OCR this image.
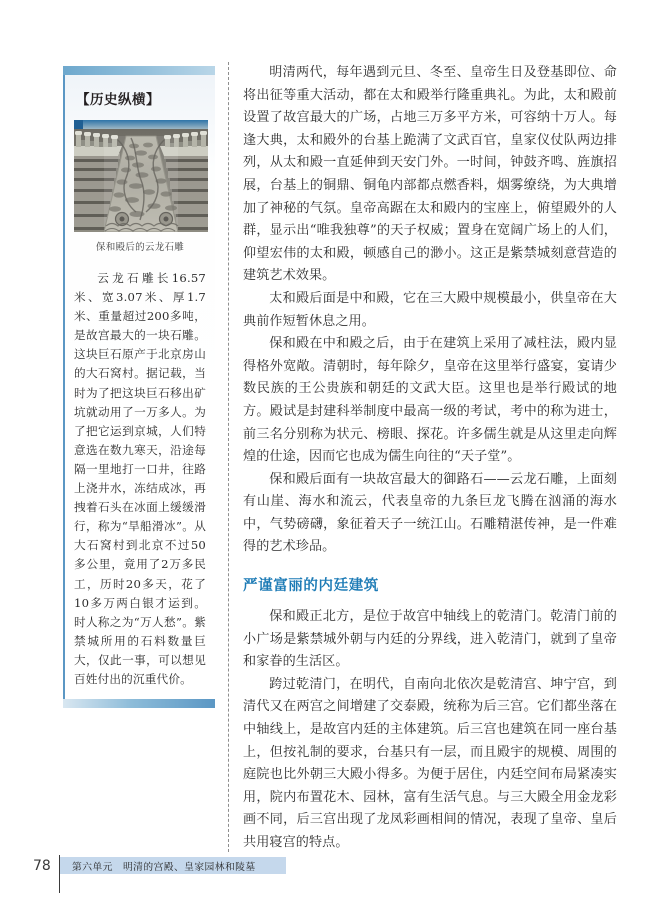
【历史纵横】
保和殿后的云龙石雕
云龙石雕长16.57米、宽3.07米、厚1.7米、重量超过200多吨，是故宫最大的一块石雕。这块巨石原产于北京房山的大石窝村。据记载，当时为了把这块巨石移出矿坑就动用了一万多人。为了把它运到京城，人们特意选在数九寒天，沿途每隔一里地打一口井，往路上浇井水，冻结成冰，再拽着石头在冰面上缓缓滑行，称为“旱船滑冰”。从大石窝村到北京不过50多公里，竟用了2万多民工，历时20多天，花了10多万两白银才运到。时人称之为“万人愁”。紫禁城所用的石料数量巨大，仅此一事，可以想见百姓付出的沉重代价。

明清两代，每年遇到元旦、冬至、皇帝生日及登基即位、命将出征等重大活动，都在太和殿举行隆重典礼。为此，太和殿前设置了故宫最大的广场，占地三万多平方米，可容纳十万人。每逢大典，太和殿外的台基上跪满了文武百官，皇家仪仗队两边排列，从太和殿一直延伸到天安门外。一时间，钟鼓齐鸣、旌旗招展，台基上的铜鼎、铜龟内部都点燃香料，烟雾缭绕，为大典增加了神秘的气氛。皇帝高踞在太和殿内的宝座上，俯望殿外的人群，显示出“唯我独尊”的天子权威；置身在宽阔广场上的人们，仰望宏伟的太和殿，顿感自己的渺小。这正是紫禁城刻意营造的建筑艺术效果。

太和殿后面是中和殿，它在三大殿中规模最小，供皇帝在大典前作短暂休息之用。

保和殿在中和殿之后，由于在建筑上采用了减柱法，殿内显得格外宽敞。清朝时，每年除夕，皇帝在这里举行盛宴，宴请少数民族的王公贵族和朝廷的文武大臣。这里也是举行殿试的地方。殿试是封建科举制度中最高一级的考试，考中的称为进士，前三名分别称为状元、榜眼、探花。许多儒生就是从这里走向辉煌的仕途，因而它也成为儒生向往的“天子堂”。

保和殿后面有一块故宫最大的御路石——云龙石雕，上面刻有山崖、海水和流云，代表皇帝的九条巨龙飞腾在汹涌的海水中，气势磅礴，象征着天子一统江山。石雕精湛传神，是一件难得的艺术珍品。

严谨富丽的内廷建筑

保和殿正北方，是位于故宫中轴线上的乾清门。乾清门前的小广场是紫禁城外朝与内廷的分界线，进入乾清门，就到了皇帝和家眷的生活区。

跨过乾清门，在明代，自南向北依次是乾清宫、坤宁宫，到清代又在两宫之间增建了交泰殿，统称为后三宫。它们都坐落在中轴线上，是故宫内廷的主体建筑。后三宫也建筑在同一座台基上，但按礼制的要求，台基只有一层，而且殿宇的规模、周围的庭院也比外朝三大殿小得多。为便于居住，内廷空间布局紧凑实用，院内布置花木、园林，富有生活气息。与三大殿全用金龙彩画不同，后三宫出现了龙凤彩画相间的情况，表现了皇帝、皇后共用寝宫的特点。

78 第六单元　明清的宫殿、皇家园林和陵墓
